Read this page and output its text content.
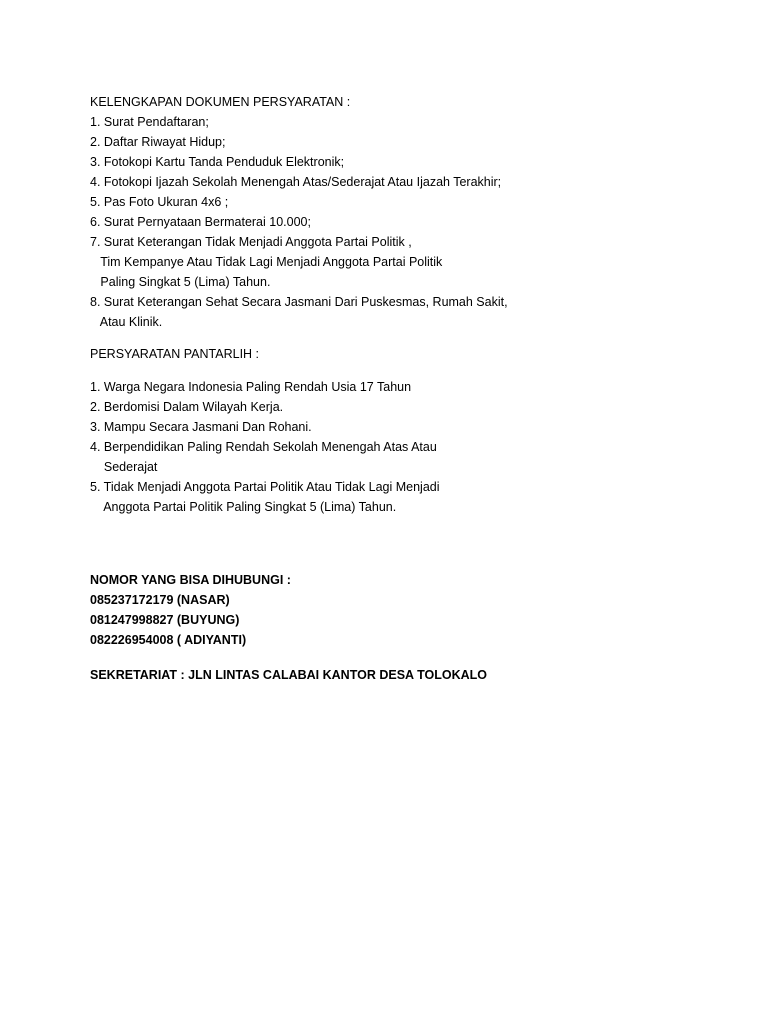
KELENGKAPAN DOKUMEN PERSYARATAN :
1. Surat Pendaftaran;
2. Daftar Riwayat Hidup;
3. Fotokopi Kartu Tanda Penduduk Elektronik;
4. Fotokopi Ijazah Sekolah Menengah Atas/Sederajat Atau Ijazah Terakhir;
5. Pas Foto Ukuran 4x6 ;
6. Surat Pernyataan Bermaterai 10.000;
7. Surat Keterangan Tidak Menjadi Anggota Partai Politik ,
Tim Kempanye Atau Tidak Lagi Menjadi Anggota Partai Politik
Paling Singkat 5 (Lima) Tahun.
8. Surat Keterangan Sehat Secara Jasmani Dari Puskesmas, Rumah Sakit,
Atau Klinik.
PERSYARATAN PANTARLIH :
1. Warga Negara Indonesia Paling Rendah Usia 17 Tahun
2. Berdomisi Dalam Wilayah Kerja.
3. Mampu Secara Jasmani Dan Rohani.
4. Berpendidikan Paling Rendah Sekolah Menengah Atas Atau
Sederajat
5. Tidak Menjadi Anggota Partai Politik Atau Tidak Lagi Menjadi
Anggota Partai Politik Paling Singkat 5 (Lima) Tahun.
NOMOR YANG BISA DIHUBUNGI :
085237172179 (NASAR)
081247998827 (BUYUNG)
082226954008 ( ADIYANTI)
SEKRETARIAT : JLN LINTAS CALABAI KANTOR DESA TOLOKALO
